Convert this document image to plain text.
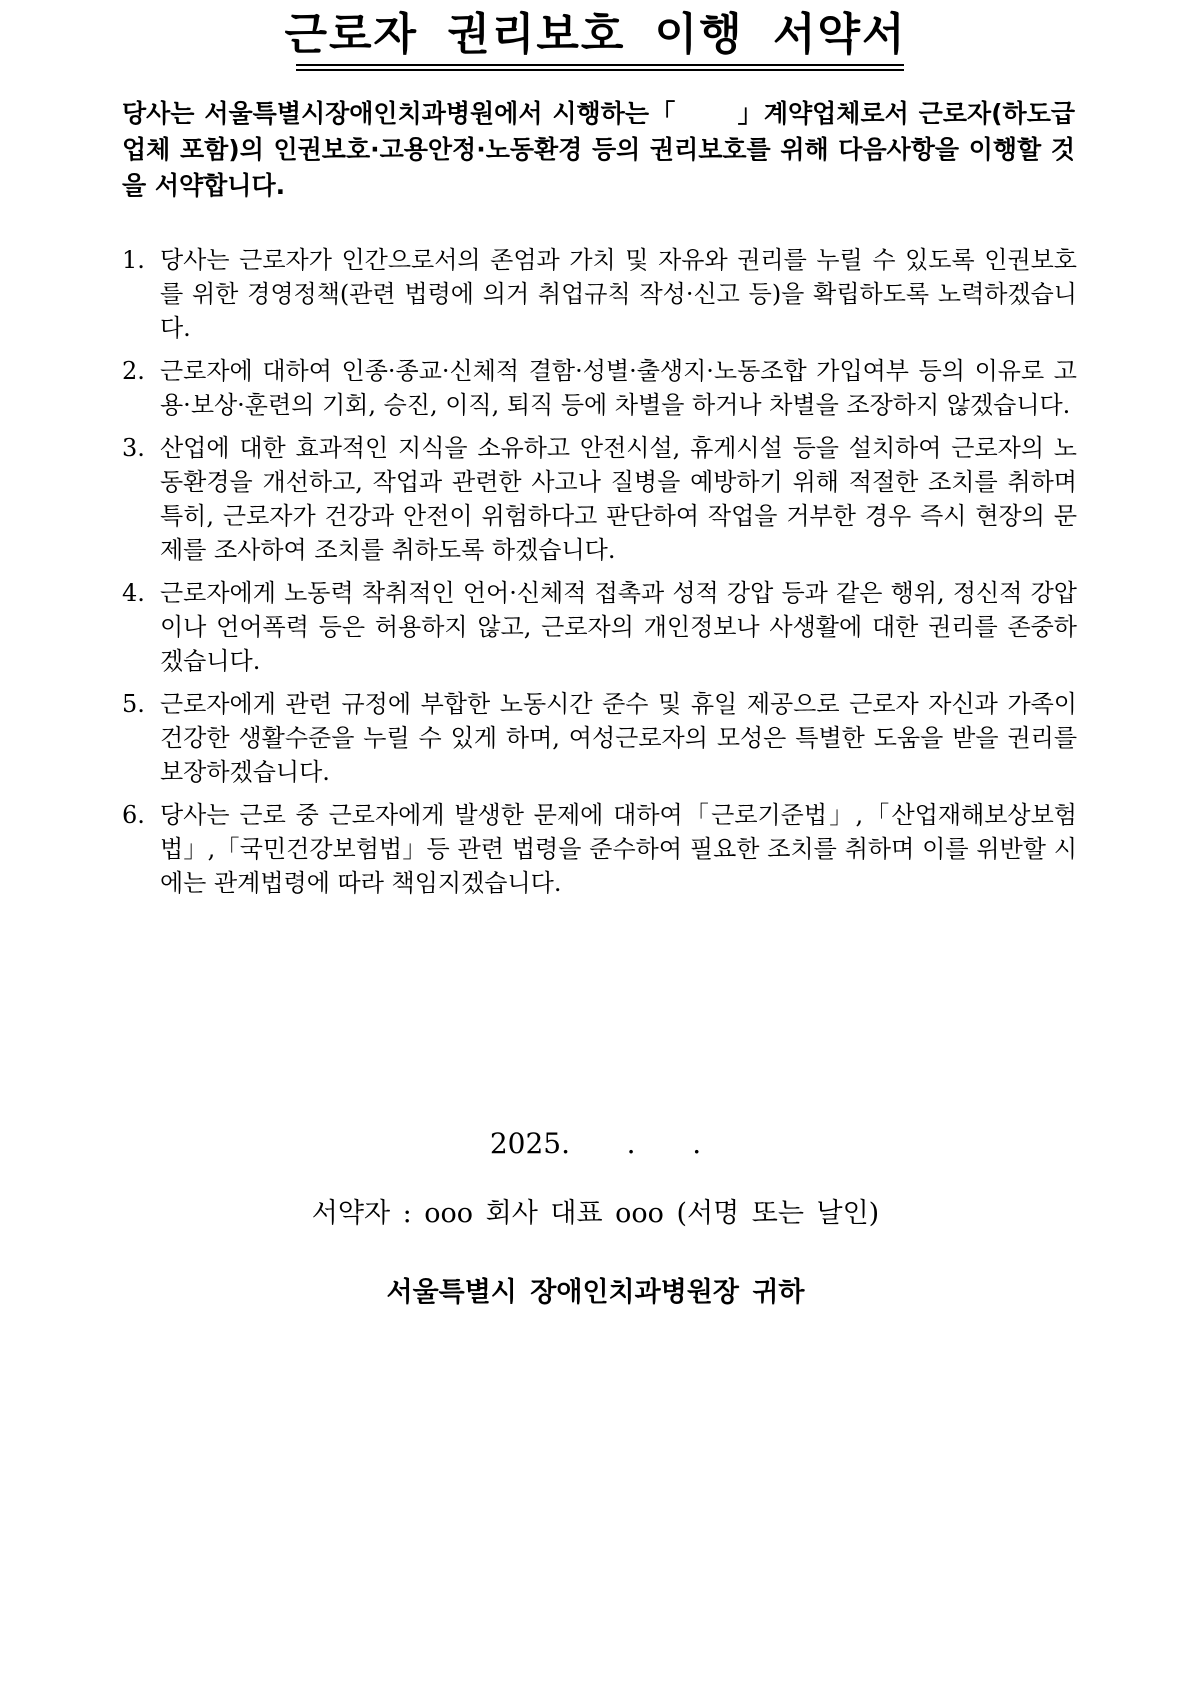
근로자 권리보호 이행 서약서

당사는 서울특별시장애인치과병원에서 시행하는「 」계약업체로서 근로자(하도급 업체 포함)의 인권보호·고용안정·노동환경 등의 권리보호를 위해 다음사항을 이행할 것을 서약합니다.

1. 당사는 근로자가 인간으로서의 존엄과 가치 및 자유와 권리를 누릴 수 있도록 인권보호를 위한 경영정책(관련 법령에 의거 취업규칙 작성·신고 등)을 확립하도록 노력하겠습니다.
2. 근로자에 대하여 인종·종교·신체적 결함·성별·출생지·노동조합 가입여부 등의 이유로 고용·보상·훈련의 기회, 승진, 이직, 퇴직 등에 차별을 하거나 차별을 조장하지 않겠습니다.
3. 산업에 대한 효과적인 지식을 소유하고 안전시설, 휴게시설 등을 설치하여 근로자의 노동환경을 개선하고, 작업과 관련한 사고나 질병을 예방하기 위해 적절한 조치를 취하며 특히, 근로자가 건강과 안전이 위험하다고 판단하여 작업을 거부한 경우 즉시 현장의 문제를 조사하여 조치를 취하도록 하겠습니다.
4. 근로자에게 노동력 착취적인 언어·신체적 접촉과 성적 강압 등과 같은 행위, 정신적 강압이나 언어폭력 등은 허용하지 않고, 근로자의 개인정보나 사생활에 대한 권리를 존중하겠습니다.
5. 근로자에게 관련 규정에 부합한 노동시간 준수 및 휴일 제공으로 근로자 자신과 가족이 건강한 생활수준을 누릴 수 있게 하며, 여성근로자의 모성은 특별한 도움을 받을 권리를 보장하겠습니다.
6. 당사는 근로 중 근로자에게 발생한 문제에 대하여「근로기준법」,「산업재해보상보험법」,「국민건강보험법」등 관련 법령을 준수하여 필요한 조치를 취하며 이를 위반할 시에는 관계법령에 따라 책임지겠습니다.
2025.   .   .
서약자 : ooo 회사 대표 ooo (서명 또는 날인)
서울특별시 장애인치과병원장 귀하
